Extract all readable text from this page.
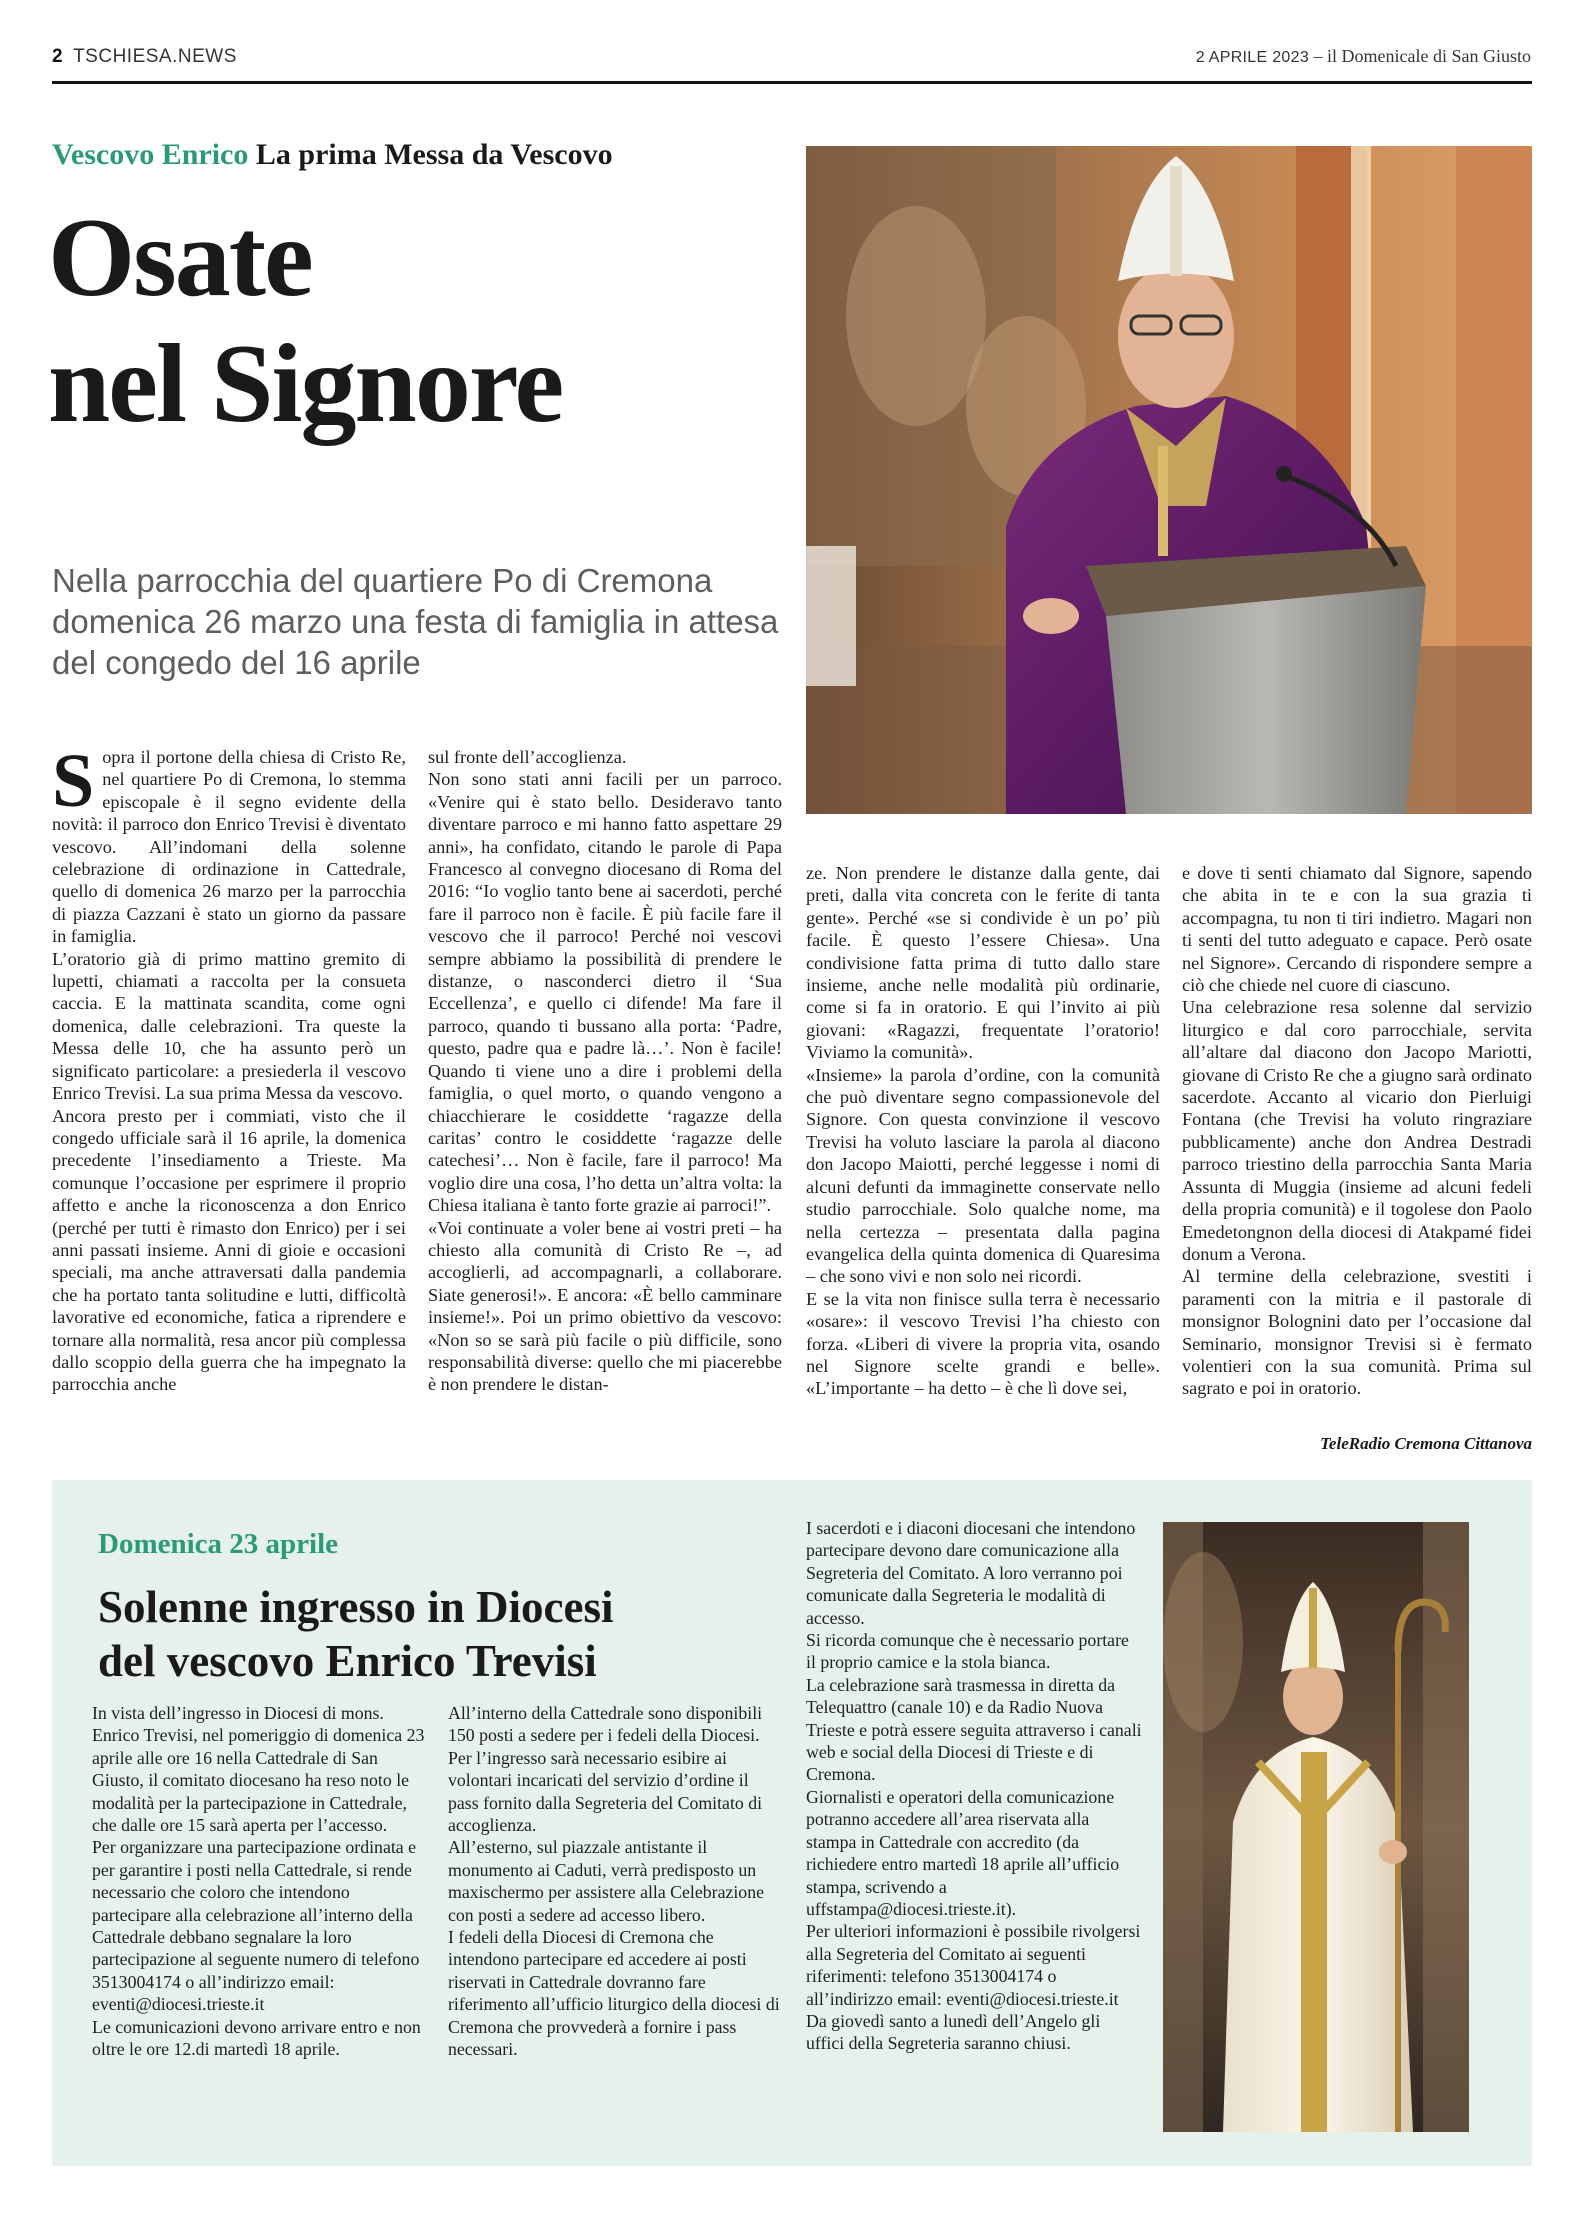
2 TSCHIESA.NEWS	2 APRILE 2023 – il Domenicale di San Giusto
Vescovo Enrico La prima Messa da Vescovo
Osate
nel Signore
Nella parrocchia del quartiere Po di Cremona domenica 26 marzo una festa di famiglia in attesa del congedo del 16 aprile

Sopra il portone della chiesa di Cristo Re, nel quartiere Po di Cremona, lo stemma episcopale è il segno evidente della novità: il parroco don Enrico Trevisi è diventato vescovo. All’indomani della solenne celebrazione di ordinazione in Cattedrale, quello di domenica 26 marzo per la parrocchia di piazza Cazzani è stato un giorno da passare in famiglia.

L’oratorio già di primo mattino gremito di lupetti, chiamati a raccolta per la consueta caccia. E la mattinata scandita, come ogni domenica, dalle celebrazioni. Tra queste la Messa delle 10, che ha assunto però un significato particolare: a presiederla il vescovo Enrico Trevisi. La sua prima Messa da vescovo.

Ancora presto per i commiati, visto che il congedo ufficiale sarà il 16 aprile, la domenica precedente l’insediamento a Trieste. Ma comunque l’occasione per esprimere il proprio affetto e anche la riconoscenza a don Enrico (perché per tutti è rimasto don Enrico) per i sei anni passati insieme. Anni di gioie e occasioni speciali, ma anche attraversati dalla pandemia che ha portato tanta solitudine e lutti, difficoltà lavorative ed economiche, fatica a riprendere e tornare alla normalità, resa ancor più complessa dallo scoppio della guerra che ha impegnato la parrocchia anche

sul fronte dell’accoglienza.

Non sono stati anni facili per un parroco. «Venire qui è stato bello. Desideravo tanto diventare parroco e mi hanno fatto aspettare 29 anni», ha confidato, citando le parole di Papa Francesco al convegno diocesano di Roma del 2016: “Io voglio tanto bene ai sacerdoti, perché fare il parroco non è facile. È più facile fare il vescovo che il parroco! Perché noi vescovi sempre abbiamo la possibilità di prendere le distanze, o nasconderci dietro il ‘Sua Eccellenza’, e quello ci difende! Ma fare il parroco, quando ti bussano alla porta: ‘Padre, questo, padre qua e padre là…’. Non è facile! Quando ti viene uno a dire i problemi della famiglia, o quel morto, o quando vengono a chiacchierare le cosiddette ‘ragazze della caritas’ contro le cosiddette ‘ragazze delle catechesi’… Non è facile, fare il parroco! Ma voglio dire una cosa, l’ho detta un’altra volta: la Chiesa italiana è tanto forte grazie ai parroci!”.

«Voi continuate a voler bene ai vostri preti – ha chiesto alla comunità di Cristo Re –, ad accoglierli, ad accompagnarli, a collaborare. Siate generosi!». E ancora: «È bello camminare insieme!». Poi un primo obiettivo da vescovo: «Non so se sarà più facile o più difficile, sono responsabilità diverse: quello che mi piacerebbe è non prendere le distan-

ze. Non prendere le distanze dalla gente, dai preti, dalla vita concreta con le ferite di tanta gente». Perché «se si condivide è un po’ più facile. È questo l’essere Chiesa». Una condivisione fatta prima di tutto dallo stare insieme, anche nelle modalità più ordinarie, come si fa in oratorio. E qui l’invito ai più giovani: «Ragazzi, frequentate l’oratorio! Viviamo la comunità».

«Insieme» la parola d’ordine, con la comunità che può diventare segno compassionevole del Signore. Con questa convinzione il vescovo Trevisi ha voluto lasciare la parola al diacono don Jacopo Maiotti, perché leggesse i nomi di alcuni defunti da immaginette conservate nello studio parrocchiale. Solo qualche nome, ma nella certezza – presentata dalla pagina evangelica della quinta domenica di Quaresima – che sono vivi e non solo nei ricordi.

E se la vita non finisce sulla terra è necessario «osare»: il vescovo Trevisi l’ha chiesto con forza. «Liberi di vivere la propria vita, osando nel Signore scelte grandi e belle». «L’importante – ha detto – è che lì dove sei,

e dove ti senti chiamato dal Signore, sapendo che abita in te e con la sua grazia ti accompagna, tu non ti tiri indietro. Magari non ti senti del tutto adeguato e capace. Però osate nel Signore». Cercando di rispondere sempre a ciò che chiede nel cuore di ciascuno.

Una celebrazione resa solenne dal servizio liturgico e dal coro parrocchiale, servita all’altare dal diacono don Jacopo Mariotti, giovane di Cristo Re che a giugno sarà ordinato sacerdote. Accanto al vicario don Pierluigi Fontana (che Trevisi ha voluto ringraziare pubblicamente) anche don Andrea Destradi parroco triestino della parrocchia Santa Maria Assunta di Muggia (insieme ad alcuni fedeli della propria comunità) e il togolese don Paolo Emedetongnon della diocesi di Atakpamé fidei donum a Verona.

Al termine della celebrazione, svestiti i paramenti con la mitria e il pastorale di monsignor Bolognini dato per l’occasione dal Seminario, monsignor Trevisi si è fermato volentieri con la sua comunità. Prima sul sagrato e poi in oratorio.

TeleRadio Cremona Cittanova
Domenica 23 aprile
Solenne ingresso in Diocesi
del vescovo Enrico Trevisi

In vista dell’ingresso in Diocesi di mons. Enrico Trevisi, nel pomeriggio di domenica 23 aprile alle ore 16 nella Cattedrale di San Giusto, il comitato diocesano ha reso noto le modalità per la partecipazione in Cattedrale, che dalle ore 15 sarà aperta per l’accesso.

Per organizzare una partecipazione ordinata e per garantire i posti nella Cattedrale, si rende necessario che coloro che intendono partecipare alla celebrazione all’interno della Cattedrale debbano segnalare la loro partecipazione al seguente numero di telefono 3513004174 o all’indirizzo email: eventi@diocesi.trieste.it

Le comunicazioni devono arrivare entro e non oltre le ore 12.di martedì 18 aprile.

All’interno della Cattedrale sono disponibili 150 posti a sedere per i fedeli della Diocesi.

Per l’ingresso sarà necessario esibire ai volontari incaricati del servizio d’ordine il pass fornito dalla Segreteria del Comitato di accoglienza.

All’esterno, sul piazzale antistante il monumento ai Caduti, verrà predisposto un maxischermo per assistere alla Celebrazione con posti a sedere ad accesso libero.

I fedeli della Diocesi di Cremona che intendono partecipare ed accedere ai posti riservati in Cattedrale dovranno fare riferimento all’ufficio liturgico della diocesi di Cremona che provvederà a fornire i pass necessari.

I sacerdoti e i diaconi diocesani che intendono partecipare devono dare comunicazione alla Segreteria del Comitato. A loro verranno poi comunicate dalla Segreteria le modalità di accesso.

Si ricorda comunque che è necessario portare il proprio camice e la stola bianca.

La celebrazione sarà trasmessa in diretta da Telequattro (canale 10) e da Radio Nuova Trieste e potrà essere seguita attraverso i canali web e social della Diocesi di Trieste e di Cremona.

Giornalisti e operatori della comunicazione potranno accedere all’area riservata alla stampa in Cattedrale con accredito (da richiedere entro martedì 18 aprile all’ufficio stampa, scrivendo a uffstampa@diocesi.trieste.it).

Per ulteriori informazioni è possibile rivolgersi alla Segreteria del Comitato ai seguenti riferimenti: telefono 3513004174 o all’indirizzo email: eventi@diocesi.trieste.it

Da giovedì santo a lunedì dell’Angelo gli uffici della Segreteria saranno chiusi.
